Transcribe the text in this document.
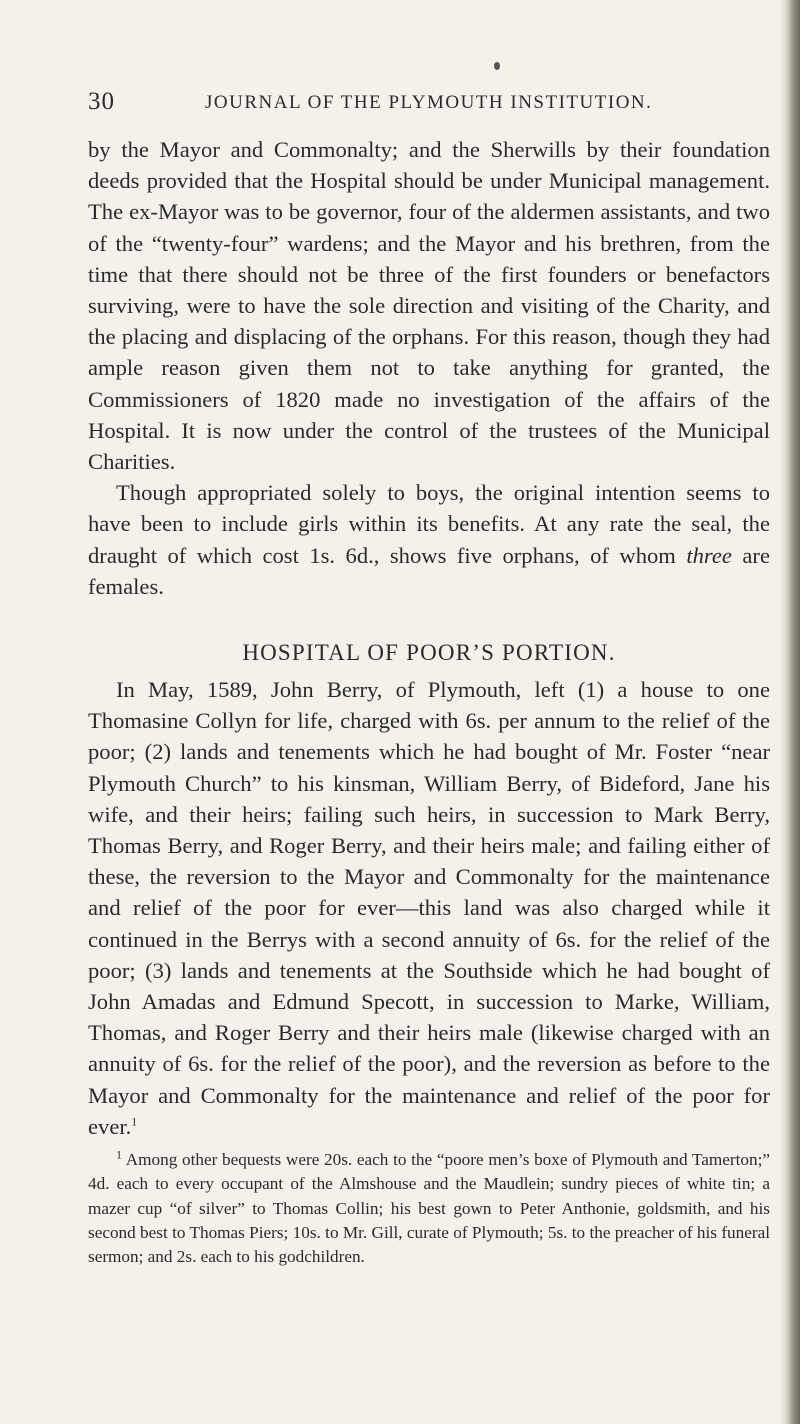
30	JOURNAL OF THE PLYMOUTH INSTITUTION.

by the Mayor and Commonalty; and the Sherwills by their foundation deeds provided that the Hospital should be under Municipal management. The ex-Mayor was to be governor, four of the aldermen assistants, and two of the “twenty-four” wardens; and the Mayor and his brethren, from the time that there should not be three of the first founders or benefactors surviving, were to have the sole direction and visiting of the Charity, and the placing and displacing of the orphans. For this reason, though they had ample reason given them not to take anything for granted, the Commissioners of 1820 made no investigation of the affairs of the Hospital. It is now under the control of the trustees of the Municipal Charities.

Though appropriated solely to boys, the original intention seems to have been to include girls within its benefits. At any rate the seal, the draught of which cost 1s. 6d., shows five orphans, of whom three are females.

HOSPITAL OF POOR’S PORTION.

In May, 1589, John Berry, of Plymouth, left (1) a house to one Thomasine Collyn for life, charged with 6s. per annum to the relief of the poor; (2) lands and tenements which he had bought of Mr. Foster “near Plymouth Church” to his kinsman, William Berry, of Bideford, Jane his wife, and their heirs; failing such heirs, in succession to Mark Berry, Thomas Berry, and Roger Berry, and their heirs male; and failing either of these, the reversion to the Mayor and Commonalty for the maintenance and relief of the poor for ever—this land was also charged while it continued in the Berrys with a second annuity of 6s. for the relief of the poor; (3) lands and tenements at the Southside which he had bought of John Amadas and Edmund Specott, in succession to Marke, William, Thomas, and Roger Berry and their heirs male (likewise charged with an annuity of 6s. for the relief of the poor), and the reversion as before to the Mayor and Commonalty for the maintenance and relief of the poor for ever.$^1$

$^1$ Among other bequests were 20s. each to the “poore men’s boxe of Plymouth and Tamerton;” 4d. each to every occupant of the Almshouse and the Maudlein; sundry pieces of white tin; a mazer cup “of silver” to Thomas Collin; his best gown to Peter Anthonie, goldsmith, and his second best to Thomas Piers; 10s. to Mr. Gill, curate of Plymouth; 5s. to the preacher of his funeral sermon; and 2s. each to his godchildren.
